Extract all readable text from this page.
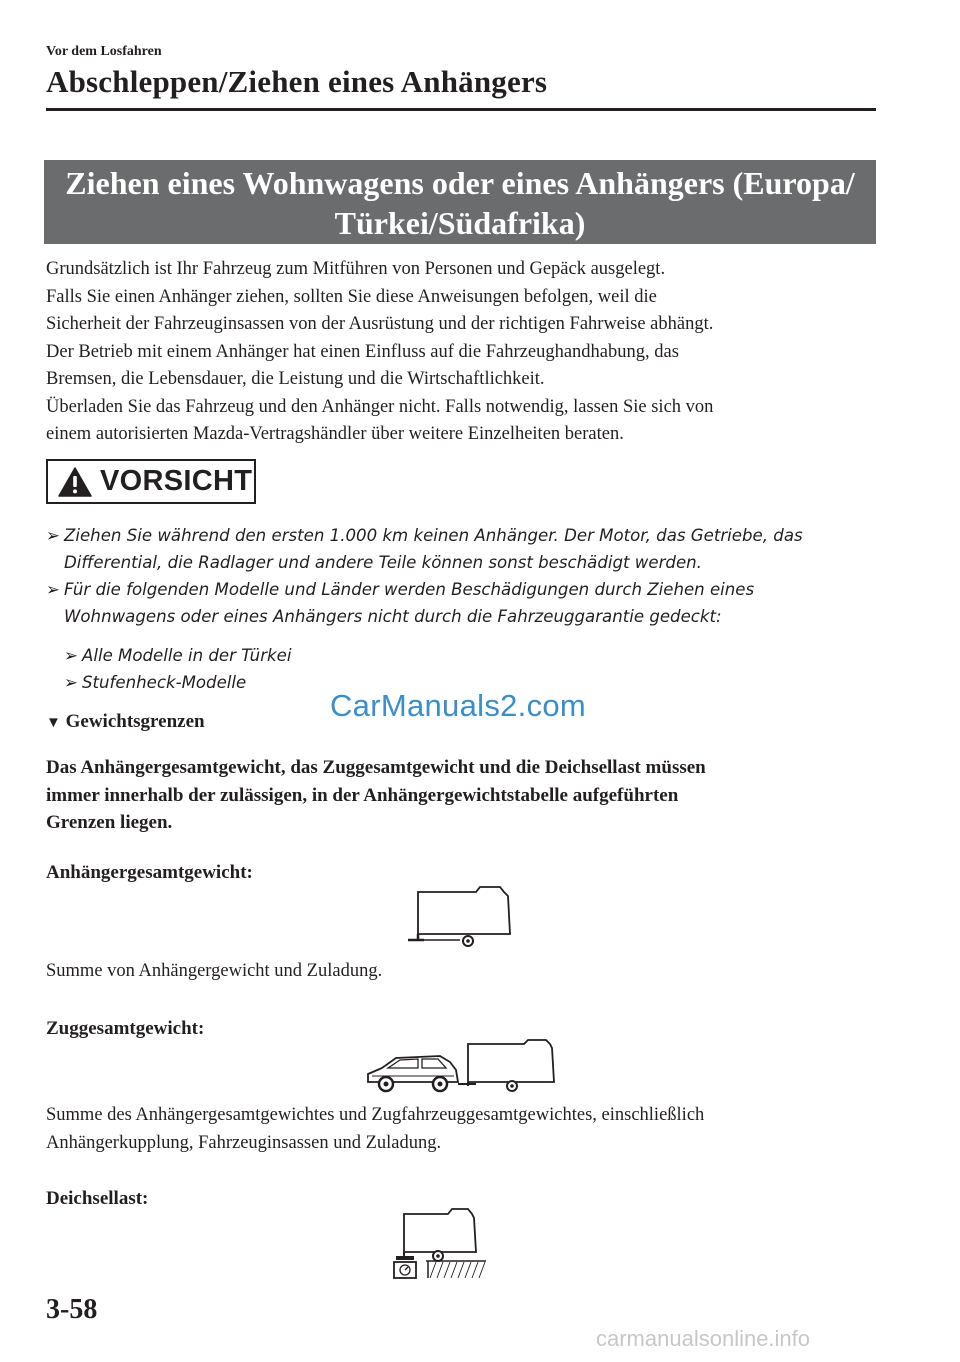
Vor dem Losfahren
Abschleppen/Ziehen eines Anhängers
Ziehen eines Wohnwagens oder eines Anhängers (Europa/
Türkei/Südafrika)

Grundsätzlich ist Ihr Fahrzeug zum Mitführen von Personen und Gepäck ausgelegt.

Falls Sie einen Anhänger ziehen, sollten Sie diese Anweisungen befolgen, weil die

Sicherheit der Fahrzeuginsassen von der Ausrüstung und der richtigen Fahrweise abhängt.

Der Betrieb mit einem Anhänger hat einen Einfluss auf die Fahrzeughandhabung, das

Bremsen, die Lebensdauer, die Leistung und die Wirtschaftlichkeit.

Überladen Sie das Fahrzeug und den Anhänger nicht. Falls notwendig, lassen Sie sich von

einem autorisierten Mazda-Vertragshändler über weitere Einzelheiten beraten.

VORSICHT
➢ Ziehen Sie während den ersten 1.000 km keinen Anhänger. Der Motor, das Getriebe, das
Differential, die Radlager und andere Teile können sonst beschädigt werden.
➢ Für die folgenden Modelle und Länder werden Beschädigungen durch Ziehen eines
Wohnwagens oder eines Anhängers nicht durch die Fahrzeuggarantie gedeckt:
➢ Alle Modelle in der Türkei
➢ Stufenheck-Modelle
▼ Gewichtsgrenzen	CarManuals2.com
Das Anhängergesamtgewicht, das Zuggesamtgewicht und die Deichsellast müssen
immer innerhalb der zulässigen, in der Anhängergewichtstabelle aufgeführten
Grenzen liegen.
Anhängergesamtgewicht:
Summe von Anhängergewicht und Zuladung.
Zuggesamtgewicht:
Summe des Anhängergesamtgewichtes und Zugfahrzeuggesamtgewichtes, einschließlich
Anhängerkupplung, Fahrzeuginsassen und Zuladung.
Deichsellast:
3-58
carmanualsonline.info
